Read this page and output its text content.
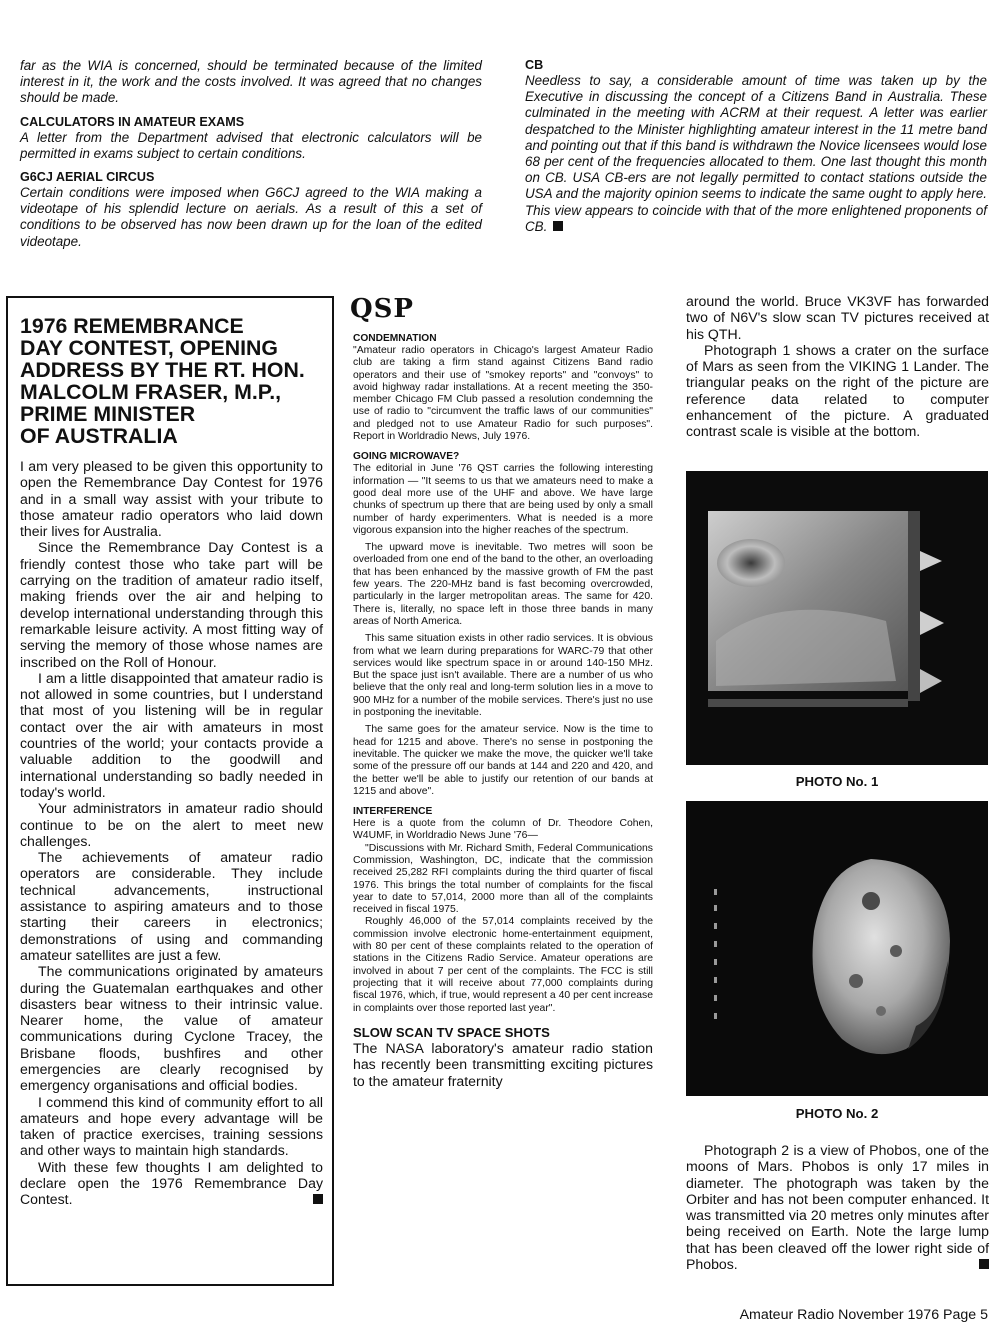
far as the WIA is concerned, should be terminated because of the limited interest in it, the work and the costs involved. It was agreed that no changes should be made.

CALCULATORS IN AMATEUR EXAMS

A letter from the Department advised that electronic calculators will be permitted in exams subject to certain conditions.

G6CJ AERIAL CIRCUS

Certain conditions were imposed when G6CJ agreed to the WIA making a videotape of his splendid lecture on aerials. As a result of this a set of conditions to be observed has now been drawn up for the loan of the edited videotape.

CB

Needless to say, a considerable amount of time was taken up by the Executive in discussing the concept of a Citizens Band in Australia. These culminated in the meeting with ACRM at their request. A letter was earlier despatched to the Minister highlighting amateur interest in the 11 metre band and pointing out that if this band is withdrawn the Novice licensees would lose 68 per cent of the frequencies allocated to them. One last thought this month on CB. USA CB-ers are not legally permitted to contact stations outside the USA and the majority opinion seems to indicate the same ought to apply here. This view appears to coincide with that of the more enlightened proponents of CB.

1976 REMEMBRANCE
DAY CONTEST, OPENING
ADDRESS BY THE RT. HON.
MALCOLM FRASER, M.P.,
PRIME MINISTER
OF AUSTRALIA

I am very pleased to be given this opportunity to open the Remembrance Day Contest for 1976 and in a small way assist with your tribute to those amateur radio operators who laid down their lives for Australia.

Since the Remembrance Day Contest is a friendly contest those who take part will be carrying on the tradition of amateur radio itself, making friends over the air and helping to develop international understanding through this remarkable leisure activity. A most fitting way of serving the memory of those whose names are inscribed on the Roll of Honour.

I am a little disappointed that amateur radio is not allowed in some countries, but I understand that most of you listening will be in regular contact over the air with amateurs in most countries of the world; your contacts provide a valuable addition to the goodwill and international understanding so badly needed in today's world.

Your administrators in amateur radio should continue to be on the alert to meet new challenges.

The achievements of amateur radio operators are considerable. They include technical advancements, instructional assistance to aspiring amateurs and to those starting their careers in electronics; demonstrations of using and commanding amateur satellites are just a few.

The communications originated by amateurs during the Guatemalan earthquakes and other disasters bear witness to their intrinsic value. Nearer home, the value of amateur communications during Cyclone Tracey, the Brisbane floods, bushfires and other emergencies are clearly recognised by emergency organisations and official bodies.

I commend this kind of community effort to all amateurs and hope every advantage will be taken of practice exercises, training sessions and other ways to maintain high standards.

With these few thoughts I am delighted to declare open the 1976 Remembrance Day Contest.

QSP
CONDEMNATION

"Amateur radio operators in Chicago's largest Amateur Radio club are taking a firm stand against Citizens Band radio operators and their use of "smokey reports" and "convoys" to avoid highway radar installations. At a recent meeting the 350-member Chicago FM Club passed a resolution condemning the use of radio to "circumvent the traffic laws of our communities" and pledged not to use Amateur Radio for such purposes". Report in Worldradio News, July 1976.

GOING MICROWAVE?

The editorial in June '76 QST carries the following interesting information — "It seems to us that we amateurs need to make a good deal more use of the UHF and above. We have large chunks of spectrum up there that are being used by only a small number of hardy experimenters. What is needed is a more vigorous expansion into the higher reaches of the spectrum.

The upward move is inevitable. Two metres will soon be overloaded from one end of the band to the other, an overloading that has been enhanced by the massive growth of FM the past few years. The 220-MHz band is fast becoming overcrowded, particularly in the larger metropolitan areas. The same for 420. There is, literally, no space left in those three bands in many areas of North America.

This same situation exists in other radio services. It is obvious from what we learn during preparations for WARC-79 that other services would like spectrum space in or around 140-150 MHz. But the space just isn't available. There are a number of us who believe that the only real and long-term solution lies in a move to 900 MHz for a number of the mobile services. There's just no use in postponing the inevitable.

The same goes for the amateur service. Now is the time to head for 1215 and above. There's no sense in postponing the inevitable. The quicker we make the move, the quicker we'll take some of the pressure off our bands at 144 and 220 and 420, and the better we'll be able to justify our retention of our bands at 1215 and above".

INTERFERENCE

Here is a quote from the column of Dr. Theodore Cohen, W4UMF, in Worldradio News June '76—

"Discussions with Mr. Richard Smith, Federal Communications Commission, Washington, DC, indicate that the commission received 25,282 RFI complaints during the third quarter of fiscal 1976. This brings the total number of complaints for the fiscal year to date to 57,014, 2000 more than all of the complaints received in fiscal 1975.

Roughly 46,000 of the 57,014 complaints received by the commission involve electronic home-entertainment equipment, with 80 per cent of these complaints related to the operation of stations in the Citizens Radio Service. Amateur operations are involved in about 7 per cent of the complaints. The FCC is still projecting that it will receive about 77,000 complaints during fiscal 1976, which, if true, would represent a 40 per cent increase in complaints over those reported last year".

SLOW SCAN TV SPACE SHOTS

The NASA laboratory's amateur radio station has recently been transmitting exciting pictures to the amateur fraternity

around the world. Bruce VK3VF has forwarded two of N6V's slow scan TV pictures received at his QTH.

Photograph 1 shows a crater on the surface of Mars as seen from the VIKING 1 Lander. The triangular peaks on the right of the picture are reference data related to computer enhancement of the picture. A graduated contrast scale is visible at the bottom.

PHOTO No. 1
PHOTO No. 2

Photograph 2 is a view of Phobos, one of the moons of Mars. Phobos is only 17 miles in diameter. The photograph was taken by the Orbiter and has not been computer enhanced. It was transmitted via 20 metres only minutes after being received on Earth. Note the large lump that has been cleaved off the lower right side of Phobos.

Amateur Radio November 1976 Page 5
